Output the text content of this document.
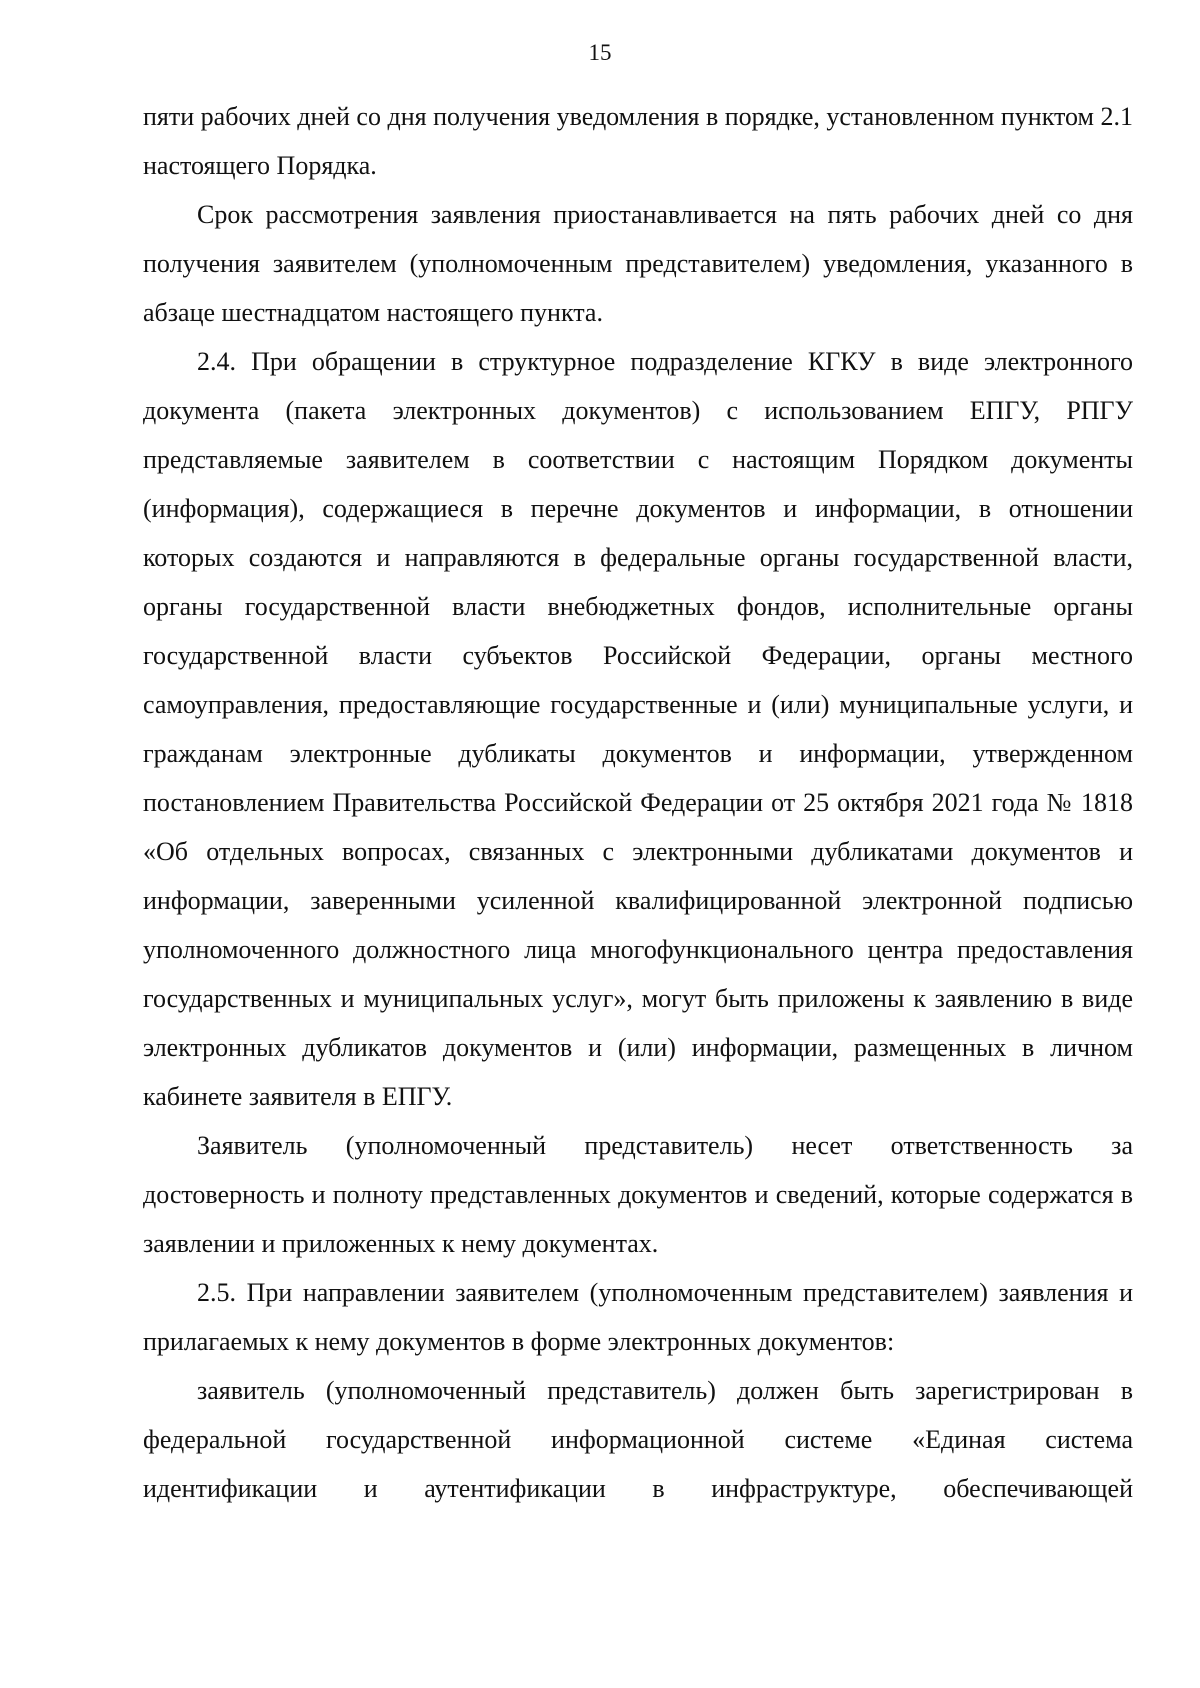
15

пяти рабочих дней со дня получения уведомления в порядке, установленном пунктом 2.1 настоящего Порядка.

Срок рассмотрения заявления приостанавливается на пять рабочих дней со дня получения заявителем (уполномоченным представителем) уведомления, указанного в абзаце шестнадцатом настоящего пункта.

2.4. При обращении в структурное подразделение КГКУ в виде электронного документа (пакета электронных документов) с использованием ЕПГУ, РПГУ представляемые заявителем в соответствии с настоящим Порядком документы (информация), содержащиеся в перечне документов и информации, в отношении которых создаются и направляются в федеральные органы государственной власти, органы государственной власти внебюджетных фондов, исполнительные органы государственной власти субъектов Российской Федерации, органы местного самоуправления, предоставляющие государственные и (или) муниципальные услуги, и гражданам электронные дубликаты документов и информации, утвержденном постановлением Правительства Российской Федерации от 25 октября 2021 года № 1818 «Об отдельных вопросах, связанных с электронными дубликатами документов и информации, заверенными усиленной квалифицированной электронной подписью уполномоченного должностного лица многофункционального центра предоставления государственных и муниципальных услуг», могут быть приложены к заявлению в виде электронных дубликатов документов и (или) информации, размещенных в личном кабинете заявителя в ЕПГУ.

Заявитель (уполномоченный представитель) несет ответственность за достоверность и полноту представленных документов и сведений, которые содержатся в заявлении и приложенных к нему документах.

2.5. При направлении заявителем (уполномоченным представителем) заявления и прилагаемых к нему документов в форме электронных документов:

заявитель (уполномоченный представитель) должен быть зарегистрирован в федеральной государственной информационной системе «Единая система идентификации и аутентификации в инфраструктуре, обеспечивающей
